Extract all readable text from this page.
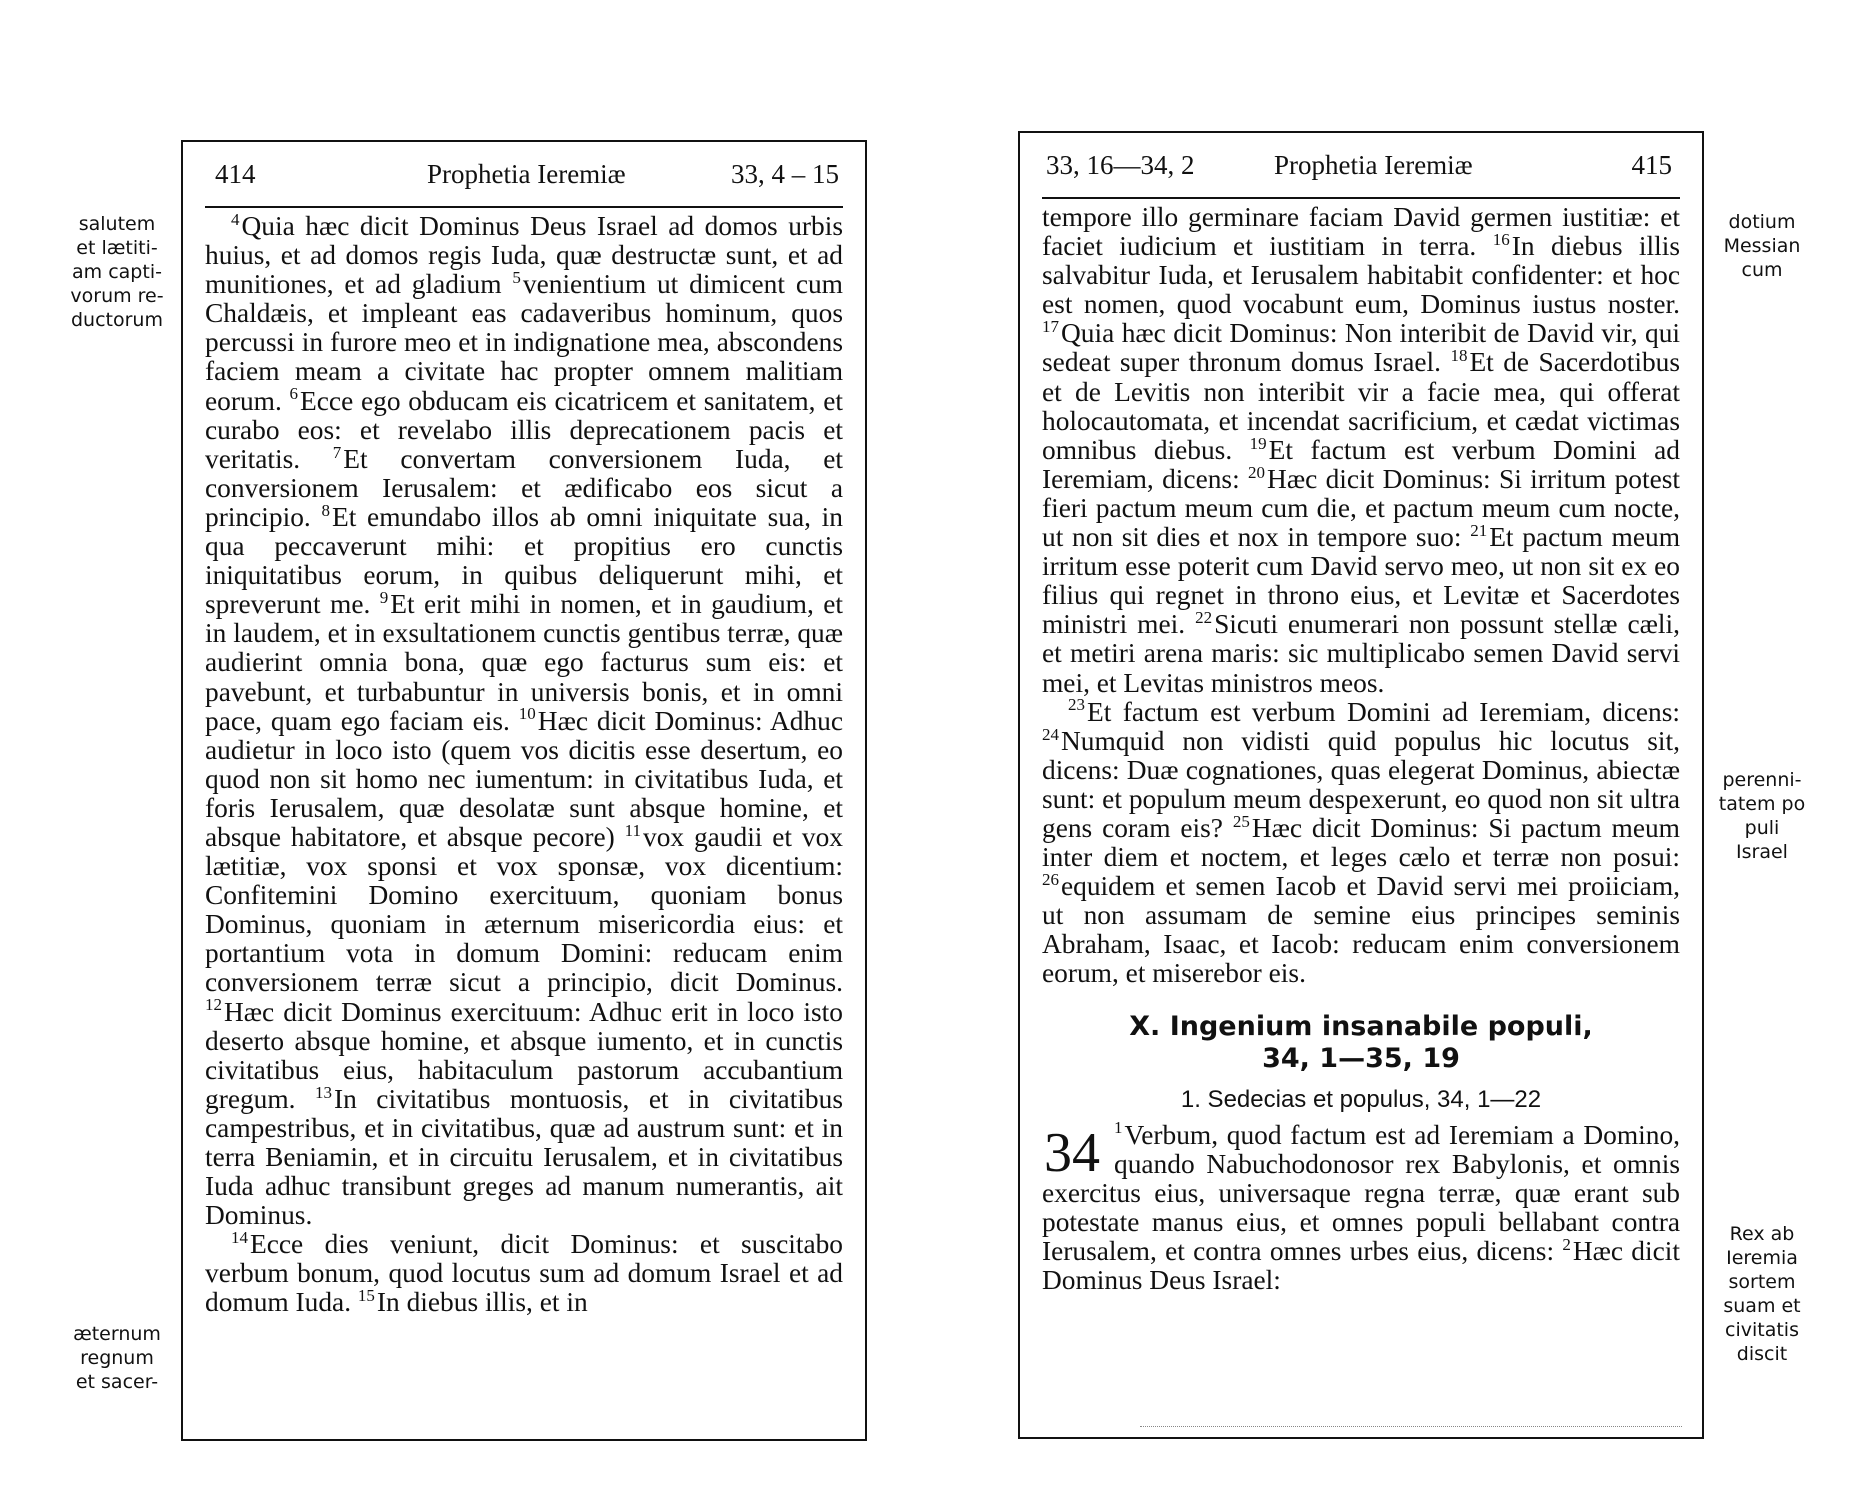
salutem
et lætiti-
am capti-
vorum re-
ductorum
æternum
regnum
et sacer-
414	Prophetia Ieremiæ	33, 4 – 15

$^4$Quia hæc dicit Dominus Deus Israel ad domos urbis huius, et ad domos regis Iuda, quæ destructæ sunt, et ad munitiones, et ad gladium $^5$venientium ut dimicent cum Chaldæis, et impleant eas cadaveribus hominum, quos percussi in furore meo et in indignatione mea, abscondens faciem meam a civitate hac propter omnem malitiam eorum. $^6$Ecce ego obducam eis cicatricem et sanitatem, et curabo eos: et revelabo illis deprecationem pacis et veritatis. $^7$Et convertam conversionem Iuda, et conversionem Ierusalem: et ædificabo eos sicut a principio. $^8$Et emundabo illos ab omni iniquitate sua, in qua peccaverunt mihi: et propitius ero cunctis iniquitatibus eorum, in quibus deliquerunt mihi, et spreverunt me. $^9$Et erit mihi in nomen, et in gaudium, et in laudem, et in exsultationem cunctis gentibus terræ, quæ audierint omnia bona, quæ ego facturus sum eis: et pavebunt, et turbabuntur in universis bonis, et in omni pace, quam ego faciam eis. $^{10}$Hæc dicit Dominus: Adhuc audietur in loco isto (quem vos dicitis esse desertum, eo quod non sit homo nec iumentum: in civitatibus Iuda, et foris Ierusalem, quæ desolatæ sunt absque homine, et absque habitatore, et absque pecore) $^{11}$vox gaudii et vox lætitiæ, vox sponsi et vox sponsæ, vox dicentium: Confitemini Domino exercituum, quoniam bonus Dominus, quoniam in æternum misericordia eius: et portantium vota in domum Domini: reducam enim conversionem terræ sicut a principio, dicit Dominus. $^{12}$Hæc dicit Dominus exercituum: Adhuc erit in loco isto deserto absque homine, et absque iumento, et in cunctis civitatibus eius, habitaculum pastorum accubantium gregum. $^{13}$In civitatibus montuosis, et in civitatibus campestribus, et in civitatibus, quæ ad austrum sunt: et in terra Beniamin, et in circuitu Ierusalem, et in civitatibus Iuda adhuc transibunt greges ad manum numerantis, ait Dominus.

$^{14}$Ecce dies veniunt, dicit Dominus: et suscitabo verbum bonum, quod locutus sum ad domum Israel et ad domum Iuda. $^{15}$In diebus illis, et in

33, 16—34, 2	Prophetia Ieremiæ	415

tempore illo germinare faciam David germen iustitiæ: et faciet iudicium et iustitiam in terra. $^{16}$In diebus illis salvabitur Iuda, et Ierusalem habitabit confidenter: et hoc est nomen, quod vocabunt eum, Dominus iustus noster. $^{17}$Quia hæc dicit Dominus: Non interibit de David vir, qui sedeat super thronum domus Israel. $^{18}$Et de Sacerdotibus et de Levitis non interibit vir a facie mea, qui offerat holocautomata, et incendat sacrificium, et cædat victimas omnibus diebus. $^{19}$Et factum est verbum Domini ad Ieremiam, dicens: $^{20}$Hæc dicit Dominus: Si irritum potest fieri pactum meum cum die, et pactum meum cum nocte, ut non sit dies et nox in tempore suo: $^{21}$Et pactum meum irritum esse poterit cum David servo meo, ut non sit ex eo filius qui regnet in throno eius, et Levitæ et Sacerdotes ministri mei. $^{22}$Sicuti enumerari non possunt stellæ cæli, et metiri arena maris: sic multiplicabo semen David servi mei, et Levitas ministros meos.

$^{23}$Et factum est verbum Domini ad Ieremiam, dicens: $^{24}$Numquid non vidisti quid populus hic locutus sit, dicens: Duæ cognationes, quas elegerat Dominus, abiectæ sunt: et populum meum despexerunt, eo quod non sit ultra gens coram eis? $^{25}$Hæc dicit Dominus: Si pactum meum inter diem et noctem, et leges cælo et terræ non posui: $^{26}$equidem et semen Iacob et David servi mei proiiciam, ut non assumam de semine eius principes seminis Abraham, Isaac, et Iacob: reducam enim conversionem eorum, et miserebor eis.

X. Ingenium insanabile populi,
34, 1—35, 19
1. Sedecias et populus, 34, 1—22

34 $^1$Verbum, quod factum est ad Ieremiam a Domino, quando Nabuchodonosor rex Babylonis, et omnis exercitus eius, universaque regna terræ, quæ erant sub potestate manus eius, et omnes populi bellabant contra Ierusalem, et contra omnes urbes eius, dicens: $^2$Hæc dicit Dominus Deus Israel:

dotium
Messian
cum
perenni-
tatem po
puli
Israel
Rex ab
Ieremia
sortem
suam et
civitatis
discit
